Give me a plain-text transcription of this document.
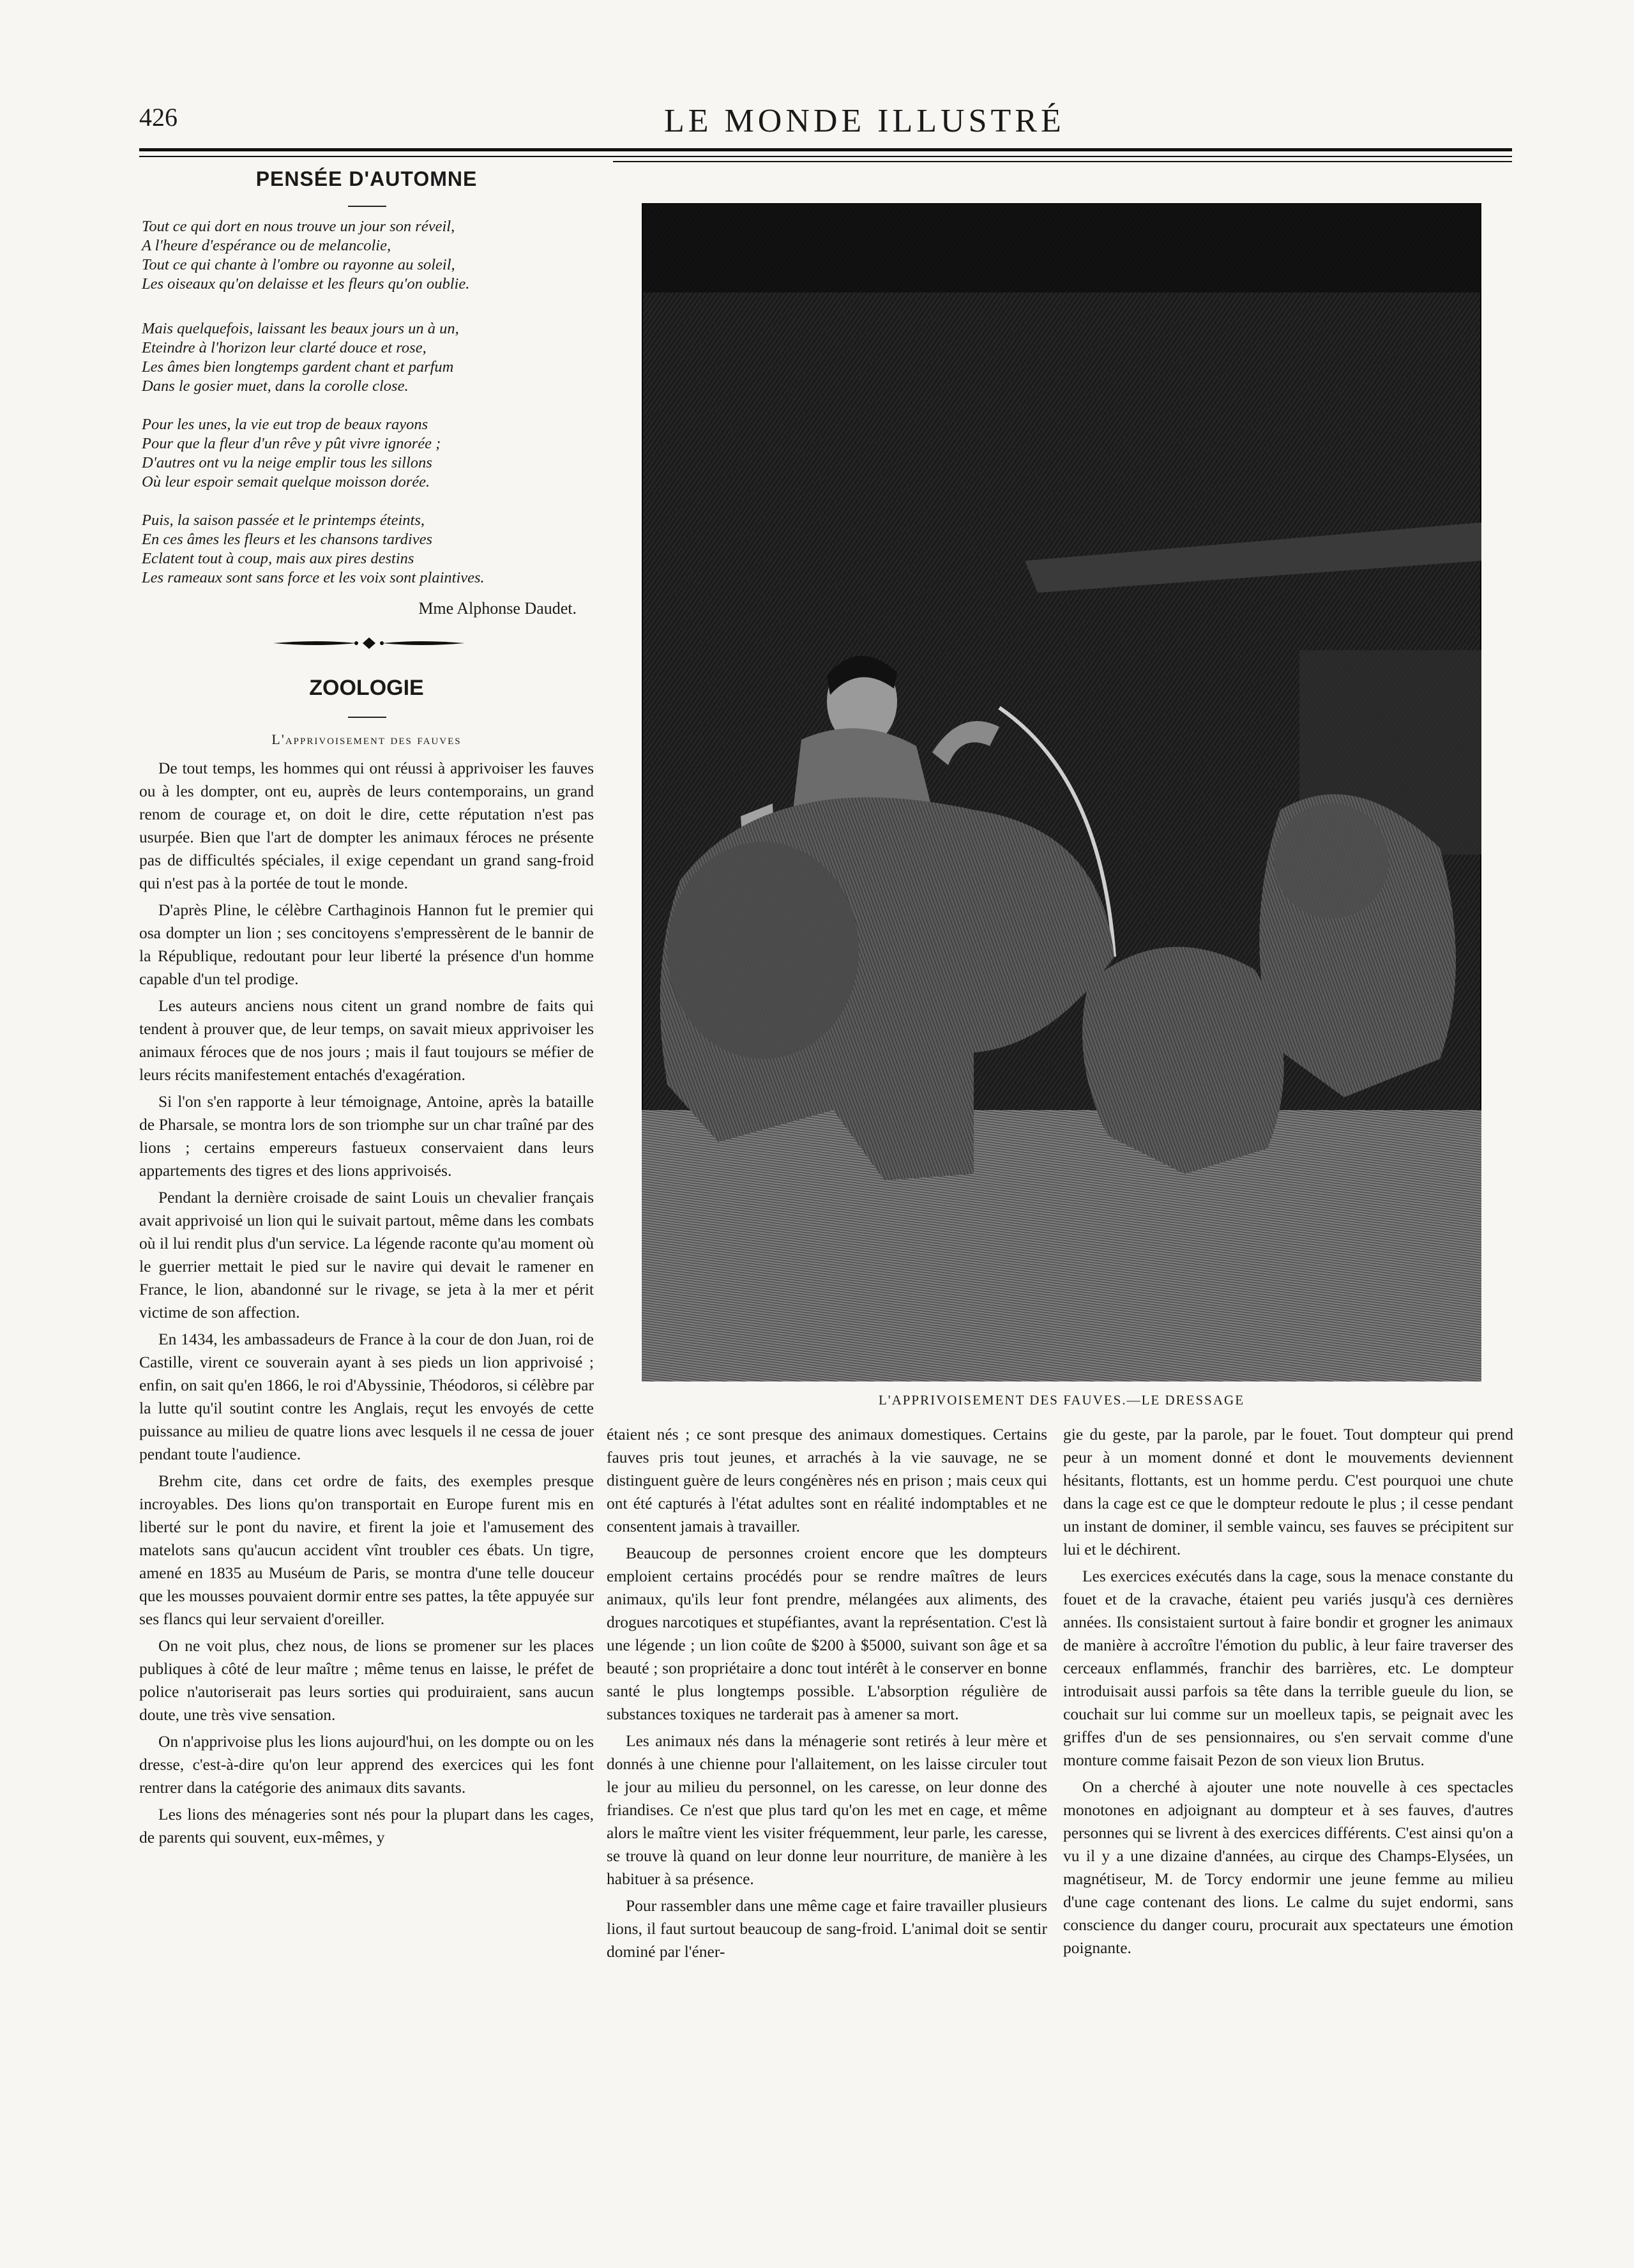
426	LE MONDE ILLUSTRÉ
PENSÉE D'AUTOMNE
Tout ce qui dort en nous trouve un jour son réveil,
A l'heure d'espérance ou de melancolie,
Tout ce qui chante à l'ombre ou rayonne au soleil,
Les oiseaux qu'on delaisse et les fleurs qu'on oublie.
Mais quelquefois, laissant les beaux jours un à un,
Eteindre à l'horizon leur clarté douce et rose,
Les âmes bien longtemps gardent chant et parfum
Dans le gosier muet, dans la corolle close.
Pour les unes, la vie eut trop de beaux rayons
Pour que la fleur d'un rêve y pût vivre ignorée ;
D'autres ont vu la neige emplir tous les sillons
Où leur espoir semait quelque moisson dorée.
Puis, la saison passée et le printemps éteints,
En ces âmes les fleurs et les chansons tardives
Eclatent tout à coup, mais aux pires destins
Les rameaux sont sans force et les voix sont plaintives.
Mme Alphonse Daudet.
ZOOLOGIE
L'apprivoisement des fauves

De tout temps, les hommes qui ont réussi à apprivoiser les fauves ou à les dompter, ont eu, auprès de leurs contemporains, un grand renom de courage et, on doit le dire, cette réputation n'est pas usurpée. Bien que l'art de dompter les animaux féroces ne présente pas de difficultés spéciales, il exige cependant un grand sang-froid qui n'est pas à la portée de tout le monde.

D'après Pline, le célèbre Carthaginois Hannon fut le premier qui osa dompter un lion ; ses concitoyens s'empressèrent de le bannir de la République, redoutant pour leur liberté la présence d'un homme capable d'un tel prodige.

Les auteurs anciens nous citent un grand nombre de faits qui tendent à prouver que, de leur temps, on savait mieux apprivoiser les animaux féroces que de nos jours ; mais il faut toujours se méfier de leurs récits manifestement entachés d'exagération.

Si l'on s'en rapporte à leur témoignage, Antoine, après la bataille de Pharsale, se montra lors de son triomphe sur un char traîné par des lions ; certains empereurs fastueux conservaient dans leurs appartements des tigres et des lions apprivoisés.

Pendant la dernière croisade de saint Louis un chevalier français avait apprivoisé un lion qui le suivait partout, même dans les combats où il lui rendit plus d'un service. La légende raconte qu'au moment où le guerrier mettait le pied sur le navire qui devait le ramener en France, le lion, abandonné sur le rivage, se jeta à la mer et périt victime de son affection.

En 1434, les ambassadeurs de France à la cour de don Juan, roi de Castille, virent ce souverain ayant à ses pieds un lion apprivoisé ; enfin, on sait qu'en 1866, le roi d'Abyssinie, Théodoros, si célèbre par la lutte qu'il soutint contre les Anglais, reçut les envoyés de cette puissance au milieu de quatre lions avec lesquels il ne cessa de jouer pendant toute l'audience.

Brehm cite, dans cet ordre de faits, des exemples presque incroyables. Des lions qu'on transportait en Europe furent mis en liberté sur le pont du navire, et firent la joie et l'amusement des matelots sans qu'aucun accident vînt troubler ces ébats. Un tigre, amené en 1835 au Muséum de Paris, se montra d'une telle douceur que les mousses pouvaient dormir entre ses pattes, la tête appuyée sur ses flancs qui leur servaient d'oreiller.

On ne voit plus, chez nous, de lions se promener sur les places publiques à côté de leur maître ; même tenus en laisse, le préfet de police n'autoriserait pas leurs sorties qui produiraient, sans aucun doute, une très vive sensation.

On n'apprivoise plus les lions aujourd'hui, on les dompte ou on les dresse, c'est-à-dire qu'on leur apprend des exercices qui les font rentrer dans la catégorie des animaux dits savants.

Les lions des ménageries sont nés pour la plupart dans les cages, de parents qui souvent, eux-mêmes, y

L'APPRIVOISEMENT DES FAUVES.—LE DRESSAGE

étaient nés ; ce sont presque des animaux domestiques. Certains fauves pris tout jeunes, et arrachés à la vie sauvage, ne se distinguent guère de leurs congénères nés en prison ; mais ceux qui ont été capturés à l'état adultes sont en réalité indomptables et ne consentent jamais à travailler.

Beaucoup de personnes croient encore que les dompteurs emploient certains procédés pour se rendre maîtres de leurs animaux, qu'ils leur font prendre, mélangées aux aliments, des drogues narcotiques et stupéfiantes, avant la représentation. C'est là une légende ; un lion coûte de $200 à $5000, suivant son âge et sa beauté ; son propriétaire a donc tout intérêt à le conserver en bonne santé le plus longtemps possible. L'absorption régulière de substances toxiques ne tarderait pas à amener sa mort.

Les animaux nés dans la ménagerie sont retirés à leur mère et donnés à une chienne pour l'allaitement, on les laisse circuler tout le jour au milieu du personnel, on les caresse, on leur donne des friandises. Ce n'est que plus tard qu'on les met en cage, et même alors le maître vient les visiter fréquemment, leur parle, les caresse, se trouve là quand on leur donne leur nourriture, de manière à les habituer à sa présence.

Pour rassembler dans une même cage et faire travailler plusieurs lions, il faut surtout beaucoup de sang-froid. L'animal doit se sentir dominé par l'éner-

gie du geste, par la parole, par le fouet. Tout dompteur qui prend peur à un moment donné et dont le mouvements deviennent hésitants, flottants, est un homme perdu. C'est pourquoi une chute dans la cage est ce que le dompteur redoute le plus ; il cesse pendant un instant de dominer, il semble vaincu, ses fauves se précipitent sur lui et le déchirent.

Les exercices exécutés dans la cage, sous la menace constante du fouet et de la cravache, étaient peu variés jusqu'à ces dernières années. Ils consistaient surtout à faire bondir et grogner les animaux de manière à accroître l'émotion du public, à leur faire traverser des cerceaux enflammés, franchir des barrières, etc. Le dompteur introduisait aussi parfois sa tête dans la terrible gueule du lion, se couchait sur lui comme sur un moelleux tapis, se peignait avec les griffes d'un de ses pensionnaires, ou s'en servait comme d'une monture comme faisait Pezon de son vieux lion Brutus.

On a cherché à ajouter une note nouvelle à ces spectacles monotones en adjoignant au dompteur et à ses fauves, d'autres personnes qui se livrent à des exercices différents. C'est ainsi qu'on a vu il y a une dizaine d'années, au cirque des Champs-Elysées, un magnétiseur, M. de Torcy endormir une jeune femme au milieu d'une cage contenant des lions. Le calme du sujet endormi, sans conscience du danger couru, procurait aux spectateurs une émotion poignante.
